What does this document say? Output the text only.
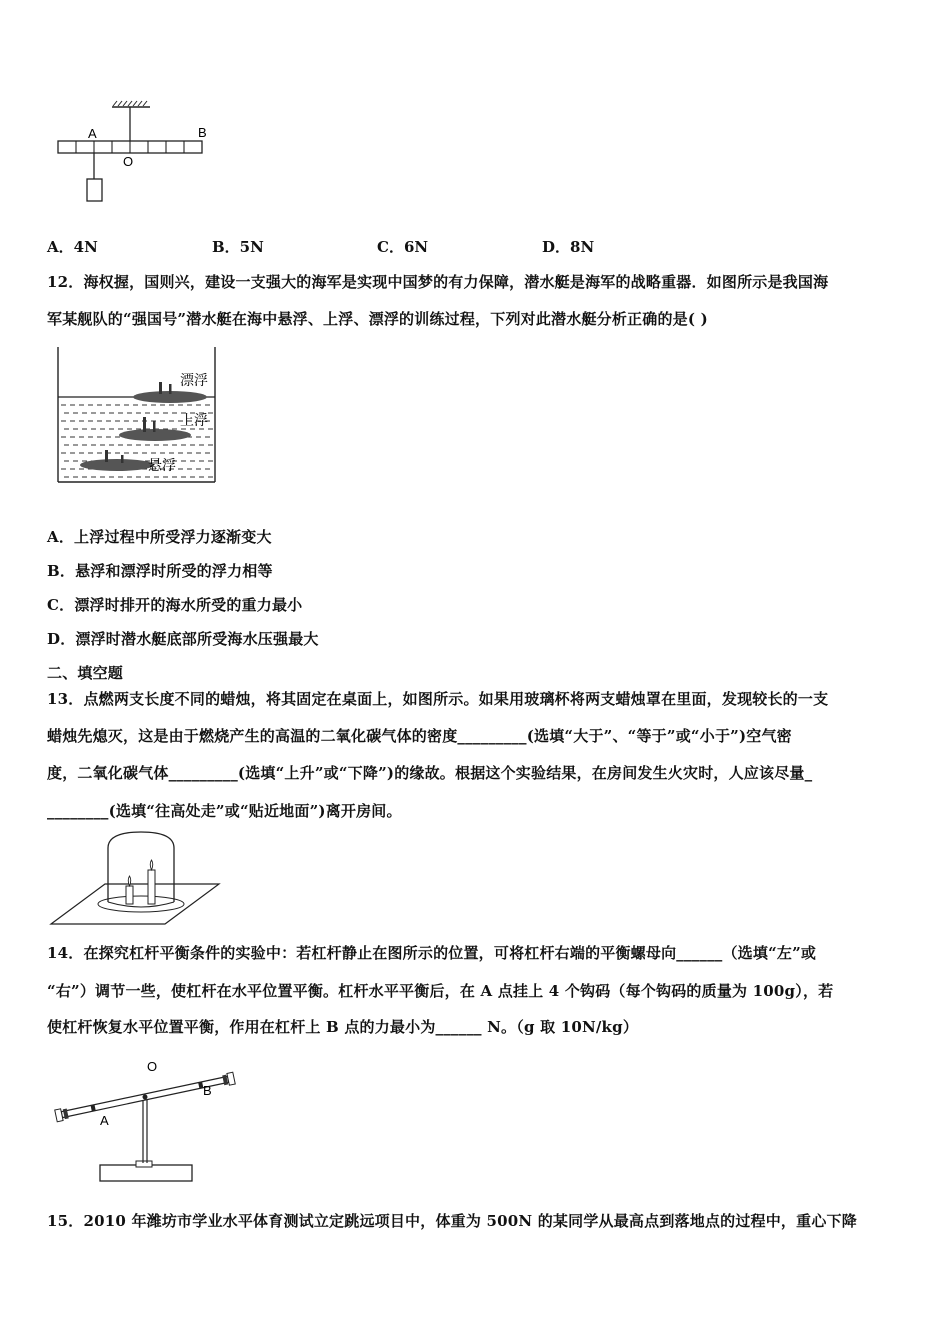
A	B
O
A．4N	B．5N	C．6N	D．8N
12．海权握，国则兴，建设一支强大的海军是实现中国梦的有力保障，潜水艇是海军的战略重器．如图所示是我国海
军某舰队的“强国号”潜水艇在海中悬浮、上浮、漂浮的训练过程，下列对此潜水艇分析正确的是( )
漂浮
上浮
悬浮
A．上浮过程中所受浮力逐渐变大
B．悬浮和漂浮时所受的浮力相等
C．漂浮时排开的海水所受的重力最小
D．漂浮时潜水艇底部所受海水压强最大
二、填空题
13．点燃两支长度不同的蜡烛，将其固定在桌面上，如图所示。如果用玻璃杯将两支蜡烛罩在里面，发现较长的一支
蜡烛先熄灭，这是由于燃烧产生的高温的二氧化碳气体的密度_________(选填“大于”、“等于”或“小于”)空气密
度，二氧化碳气体_________(选填“上升”或“下降”)的缘故。根据这个实验结果，在房间发生火灾时，人应该尽量_
________(选填“往高处走”或“贴近地面”)离开房间。
14．在探究杠杆平衡条件的实验中：若杠杆静止在图所示的位置，可将杠杆右端的平衡螺母向______（选填“左”或
“右”）调节一些，使杠杆在水平位置平衡。杠杆水平平衡后，在 A 点挂上 4 个钩码（每个钩码的质量为 100g），若
使杠杆恢复水平位置平衡，作用在杠杆上 B 点的力最小为______ N。（g 取 10N/kg）
O
A
B
15．2010 年潍坊市学业水平体育测试立定跳远项目中，体重为 500N 的某同学从最高点到落地点的过程中，重心下降
